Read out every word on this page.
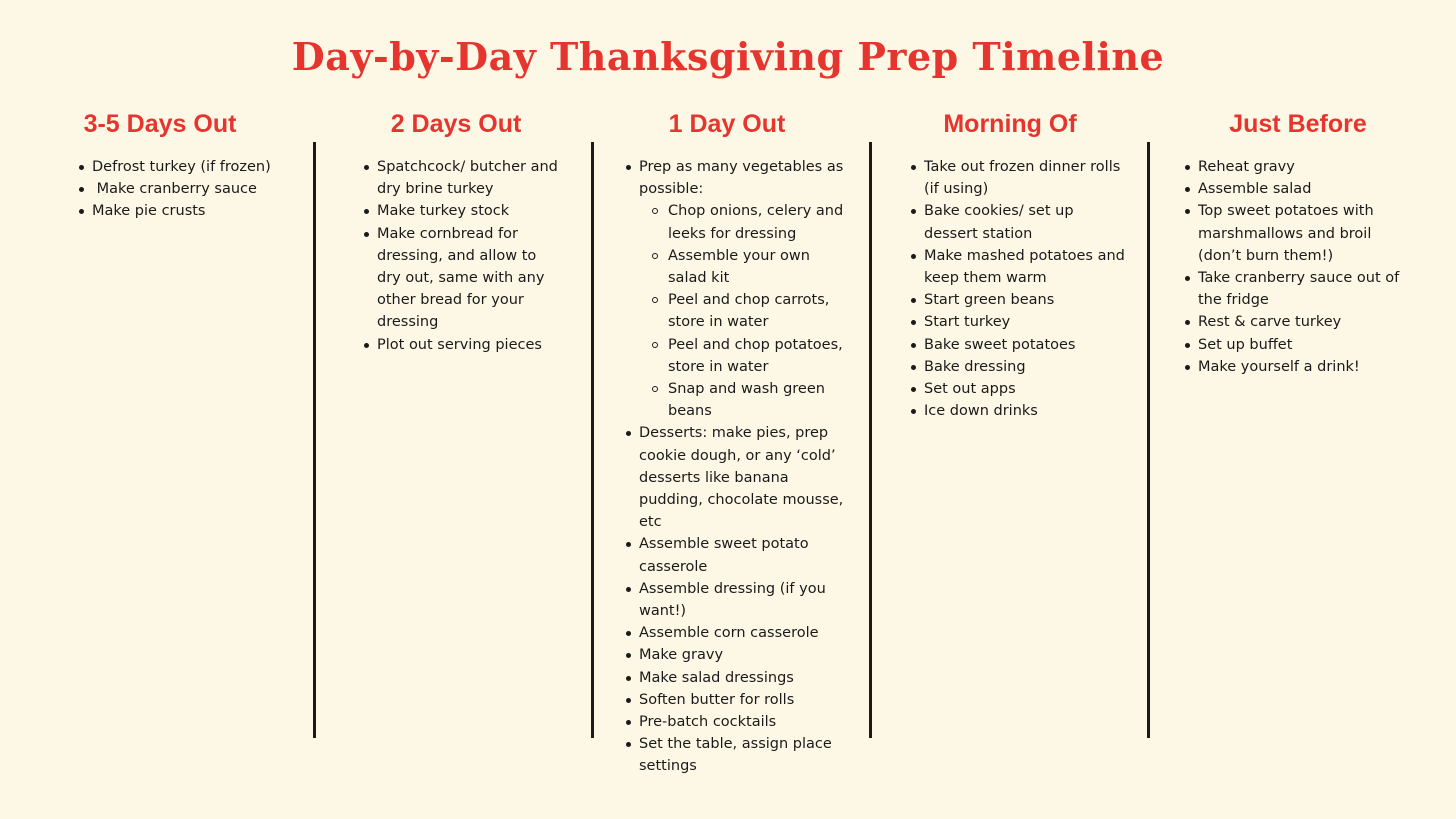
Day-by-Day Thanksgiving Prep Timeline
3-5 Days Out
Defrost turkey (if frozen)
Make cranberry sauce
Make pie crusts
2 Days Out
Spatchcock/ butcher and dry brine turkey
Make turkey stock
Make cornbread for dressing, and allow to dry out, same with any other bread for your dressing
Plot out serving pieces
1 Day Out
Prep as many vegetables as possible:
Chop onions, celery and leeks for dressing
Assemble your own salad kit
Peel and chop carrots, store in water
Peel and chop potatoes, store in water
Snap and wash green beans
Desserts: make pies, prep cookie dough, or any ‘cold’ desserts like banana pudding, chocolate mousse, etc
Assemble sweet potato casserole
Assemble dressing (if you want!)
Assemble corn casserole
Make gravy
Make salad dressings
Soften butter for rolls
Pre-batch cocktails
Set the table, assign place settings
Morning Of
Take out frozen dinner rolls (if using)
Bake cookies/ set up dessert station
Make mashed potatoes and keep them warm
Start green beans
Start turkey
Bake sweet potatoes
Bake dressing
Set out apps
Ice down drinks
Just Before
Reheat gravy
Assemble salad
Top sweet potatoes with marshmallows and broil (don’t burn them!)
Take cranberry sauce out of the fridge
Rest & carve turkey
Set up buffet
Make yourself a drink!
